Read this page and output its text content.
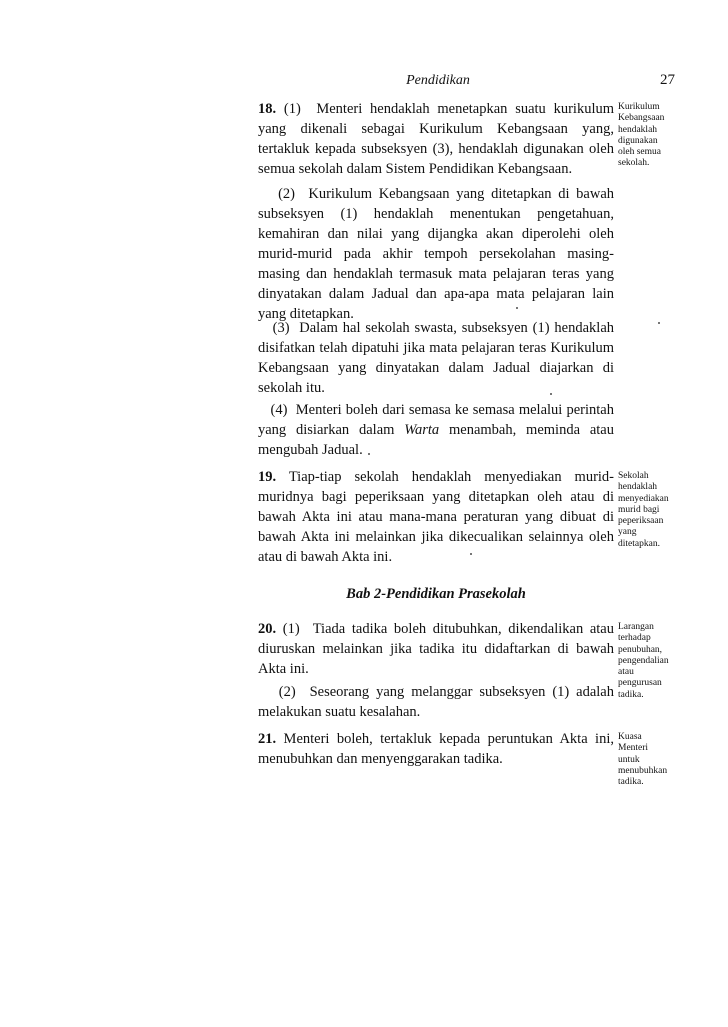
Pendidikan	27
18. (1)  Menteri hendaklah menetapkan suatu kurikulum yang dikenali sebagai Kurikulum Kebangsaan yang, tertakluk kepada subseksyen (3), hendaklah digunakan oleh semua sekolah dalam Sistem Pendidikan Kebangsaan.
(2)  Kurikulum Kebangsaan yang ditetapkan di bawah subseksyen (1) hendaklah menentukan pengetahuan, kemahiran dan nilai yang dijangka akan diperolehi oleh murid-murid pada akhir tempoh persekolahan masing-masing dan hendaklah termasuk mata pelajaran teras yang dinyatakan dalam Jadual dan apa-apa mata pelajaran lain yang ditetapkan.
(3)  Dalam hal sekolah swasta, subseksyen (1) hendaklah disifatkan telah dipatuhi jika mata pelajaran teras Kurikulum Kebangsaan yang dinyatakan dalam Jadual diajarkan di sekolah itu.
(4)  Menteri boleh dari semasa ke semasa melalui perintah yang disiarkan dalam Warta menambah, meminda atau mengubah Jadual.
19. Tiap-tiap sekolah hendaklah menyediakan murid-muridnya bagi peperiksaan yang ditetapkan oleh atau di bawah Akta ini atau mana-mana peraturan yang dibuat di bawah Akta ini melainkan jika dikecualikan selainnya oleh atau di bawah Akta ini.
Bab 2-Pendidikan Prasekolah
20. (1)  Tiada tadika boleh ditubuhkan, dikendalikan atau diuruskan melainkan jika tadika itu didaftarkan di bawah Akta ini.
(2)  Seseorang yang melanggar subseksyen (1) adalah melakukan suatu kesalahan.
21. Menteri boleh, tertakluk kepada peruntukan Akta ini, menubuhkan dan menyenggarakan tadika.
Kurikulum
Kebangsaan
hendaklah
digunakan
oleh semua
sekolah.
Sekolah
hendaklah
menyediakan
murid bagi
peperiksaan
yang
ditetapkan.
Larangan
terhadap
penubuhan,
pengendalian
atau
pengurusan
tadika.
Kuasa
Menteri
untuk
menubuhkan
tadika.
